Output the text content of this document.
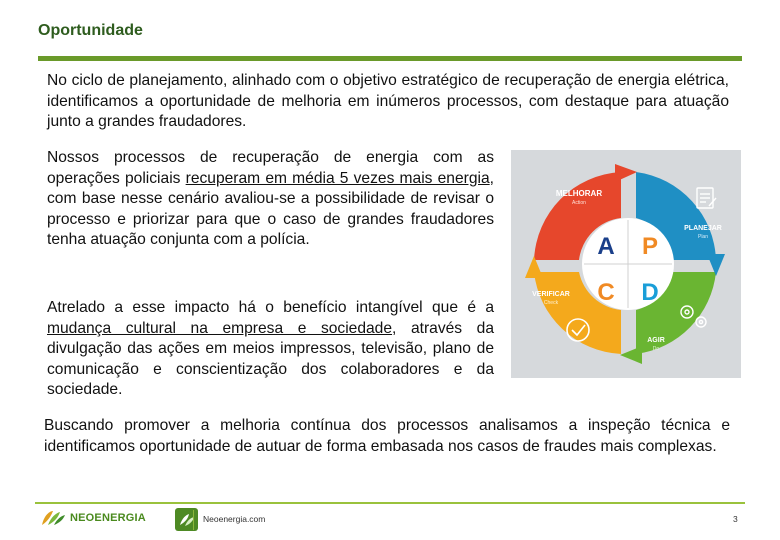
Oportunidade

No ciclo de planejamento, alinhado com o objetivo estratégico de recuperação de energia elétrica, identificamos a oportunidade de melhoria em inúmeros processos, com destaque para atuação junto a grandes fraudadores.

Nossos processos de recuperação de energia com as operações policiais recuperam em média 5 vezes mais energia, com base nesse cenário avaliou-se a possibilidade de revisar o processo e priorizar para que o caso de grandes fraudadores tenha atuação conjunta com a polícia.

Atrelado a esse impacto há o benefício intangível que é a mudança cultural na empresa e sociedade, através da divulgação das ações em meios impressos, televisão, plano de comunicação e conscientização dos colaboradores e da sociedade.

Buscando promover a melhoria contínua dos processos analisamos a inspeção técnica e identificamos oportunidade de autuar de forma embasada nos casos de fraudes mais complexas.

A P
C D
MELHORAR
Action
PLANEJAR
Plan
VERIFICAR
Check
AGIR
Do
NEOENERGIA	Neoenergia.com	3
